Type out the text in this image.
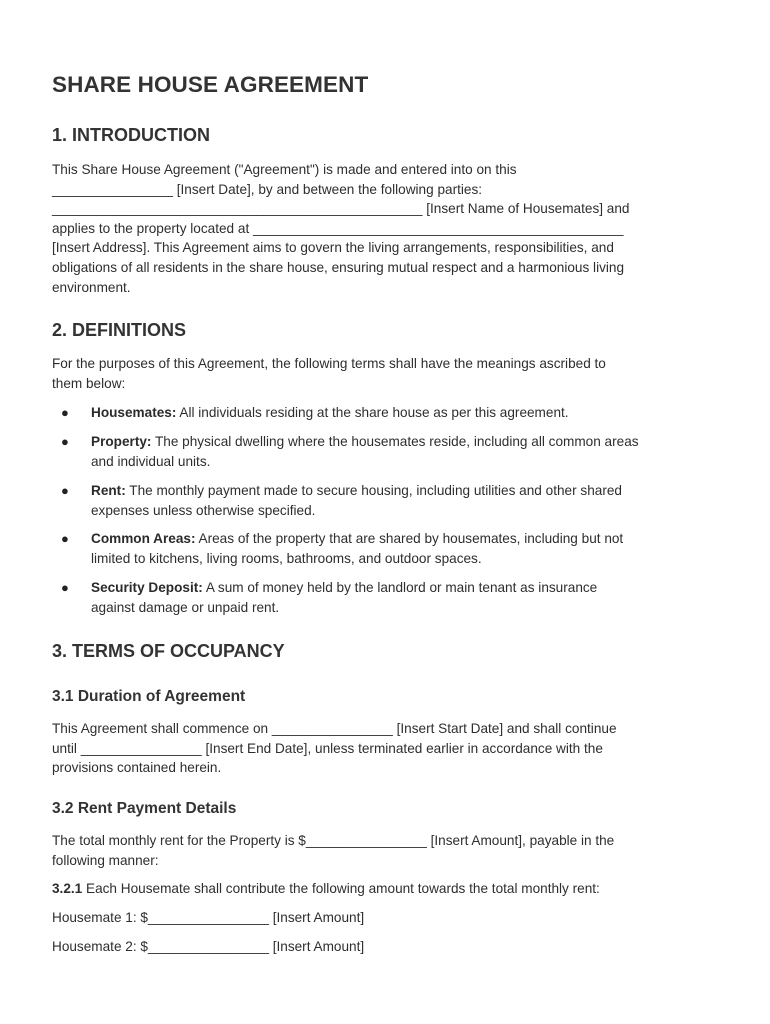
SHARE HOUSE AGREEMENT
1. INTRODUCTION
This Share House Agreement ("Agreement") is made and entered into on this
________________ [Insert Date], by and between the following parties:
_________________________________________________ [Insert Name of Housemates] and
applies to the property located at _________________________________________________
[Insert Address]. This Agreement aims to govern the living arrangements, responsibilities, and
obligations of all residents in the share house, ensuring mutual respect and a harmonious living
environment.
2. DEFINITIONS
For the purposes of this Agreement, the following terms shall have the meanings ascribed to
them below:
● Housemates: All individuals residing at the share house as per this agreement.
● Property: The physical dwelling where the housemates reside, including all common areas
and individual units.
● Rent: The monthly payment made to secure housing, including utilities and other shared
expenses unless otherwise specified.
● Common Areas: Areas of the property that are shared by housemates, including but not
limited to kitchens, living rooms, bathrooms, and outdoor spaces.
● Security Deposit: A sum of money held by the landlord or main tenant as insurance
against damage or unpaid rent.
3. TERMS OF OCCUPANCY
3.1 Duration of Agreement
This Agreement shall commence on ________________ [Insert Start Date] and shall continue
until ________________ [Insert End Date], unless terminated earlier in accordance with the
provisions contained herein.
3.2 Rent Payment Details
The total monthly rent for the Property is $________________ [Insert Amount], payable in the
following manner:

3.2.1 Each Housemate shall contribute the following amount towards the total monthly rent:

Housemate 1: $________________ [Insert Amount]

Housemate 2: $________________ [Insert Amount]
